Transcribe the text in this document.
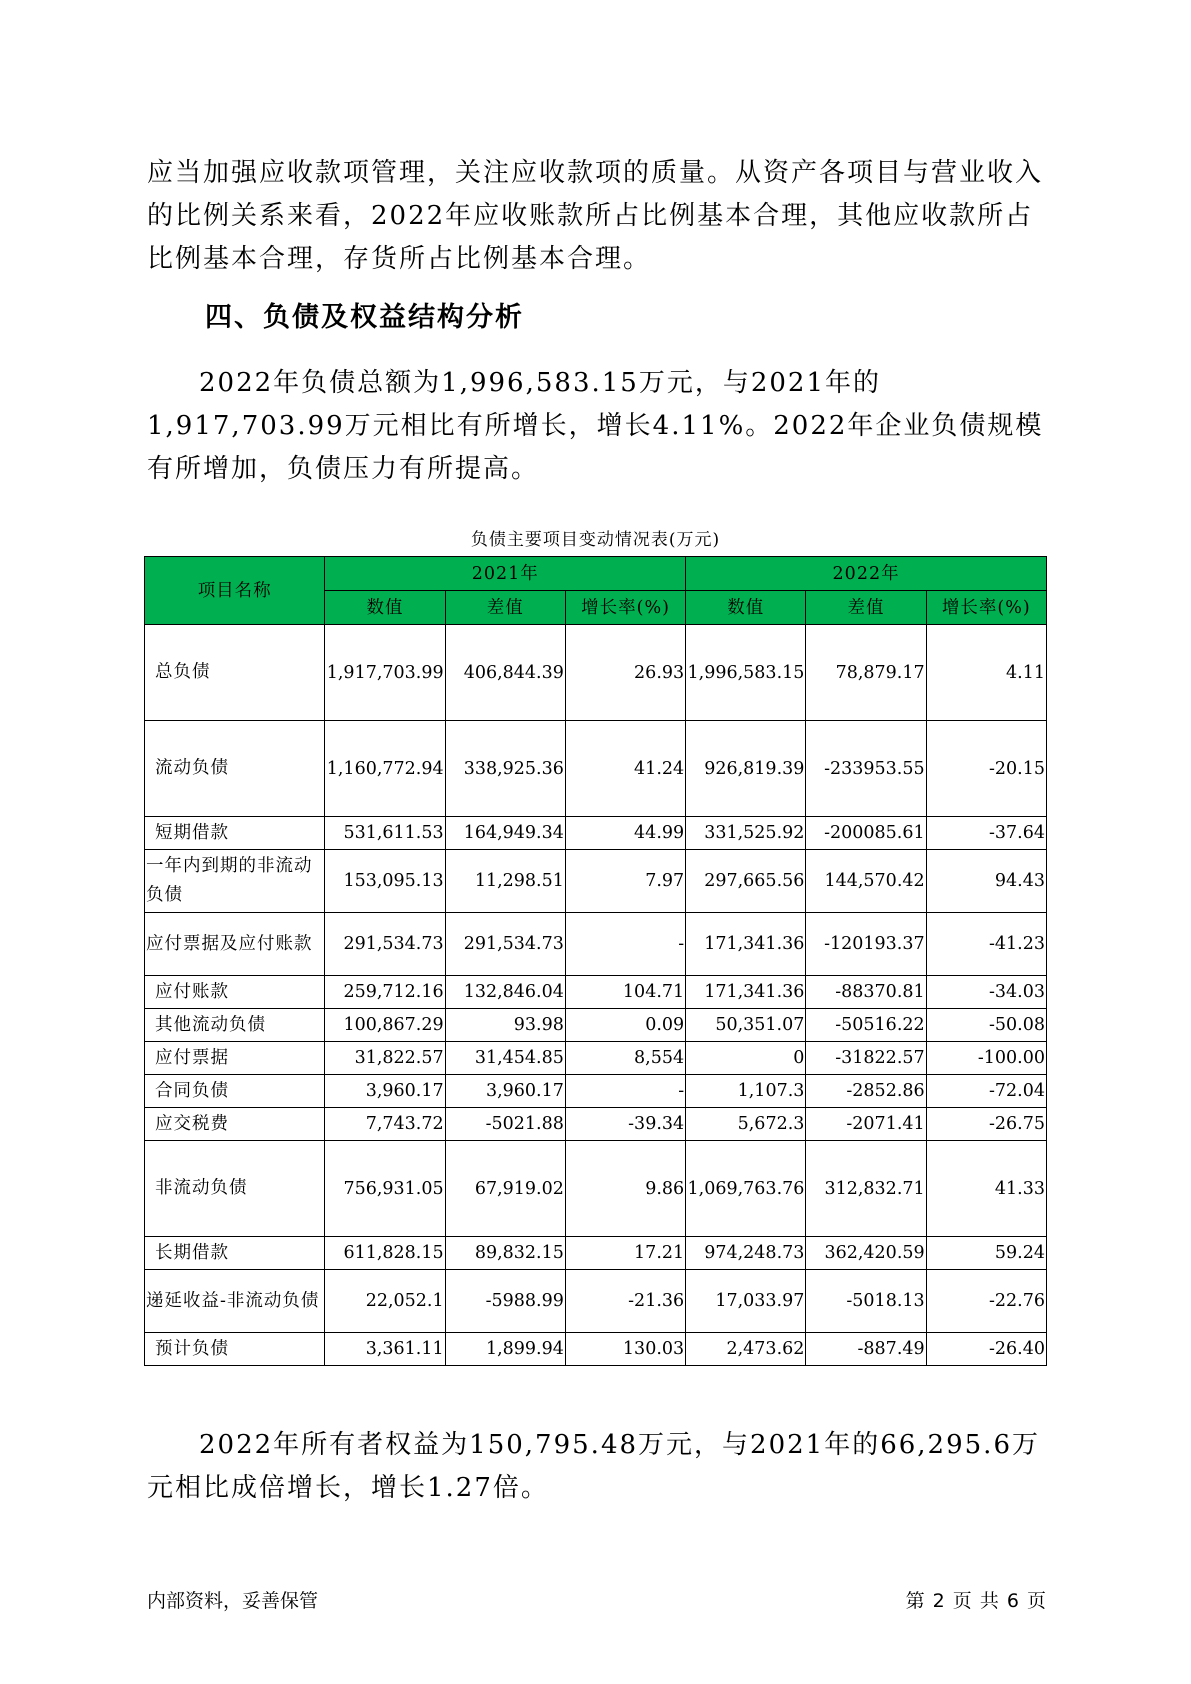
应当加强应收款项管理，关注应收款项的质量。从资产各项目与营业收入的比例关系来看，2022年应收账款所占比例基本合理，其他应收款所占比例基本合理，存货所占比例基本合理。

四、负债及权益结构分析

2022年负债总额为1,996,583.15万元，与2021年的1,917,703.99万元相比有所增长，增长4.11%。2022年企业负债规模有所增加，负债压力有所提高。

负债主要项目变动情况表(万元)
项目名称	2021年			2022年		
	数值	差值	增长率(%)	数值	差值	增长率(%)
总负债	1,917,703.99	406,844.39	26.93	1,996,583.15	78,879.17	4.11
流动负债	1,160,772.94	338,925.36	41.24	926,819.39	-233953.55	-20.15
短期借款	531,611.53	164,949.34	44.99	331,525.92	-200085.61	-37.64
一年内到期的非流动负债	153,095.13	11,298.51	7.97	297,665.56	144,570.42	94.43
应付票据及应付账款	291,534.73	291,534.73	-	171,341.36	-120193.37	-41.23
应付账款	259,712.16	132,846.04	104.71	171,341.36	-88370.81	-34.03
其他流动负债	100,867.29	93.98	0.09	50,351.07	-50516.22	-50.08
应付票据	31,822.57	31,454.85	8,554	0	-31822.57	-100.00
合同负债	3,960.17	3,960.17	-	1,107.3	-2852.86	-72.04
应交税费	7,743.72	-5021.88	-39.34	5,672.3	-2071.41	-26.75
非流动负债	756,931.05	67,919.02	9.86	1,069,763.76	312,832.71	41.33
长期借款	611,828.15	89,832.15	17.21	974,248.73	362,420.59	59.24
递延收益-非流动负债	22,052.1	-5988.99	-21.36	17,033.97	-5018.13	-22.76
预计负债	3,361.11	1,899.94	130.03	2,473.62	-887.49	-26.40

2022年所有者权益为150,795.48万元，与2021年的66,295.6万元相比成倍增长，增长1.27倍。

内部资料，妥善保管	第 2 页 共 6 页
